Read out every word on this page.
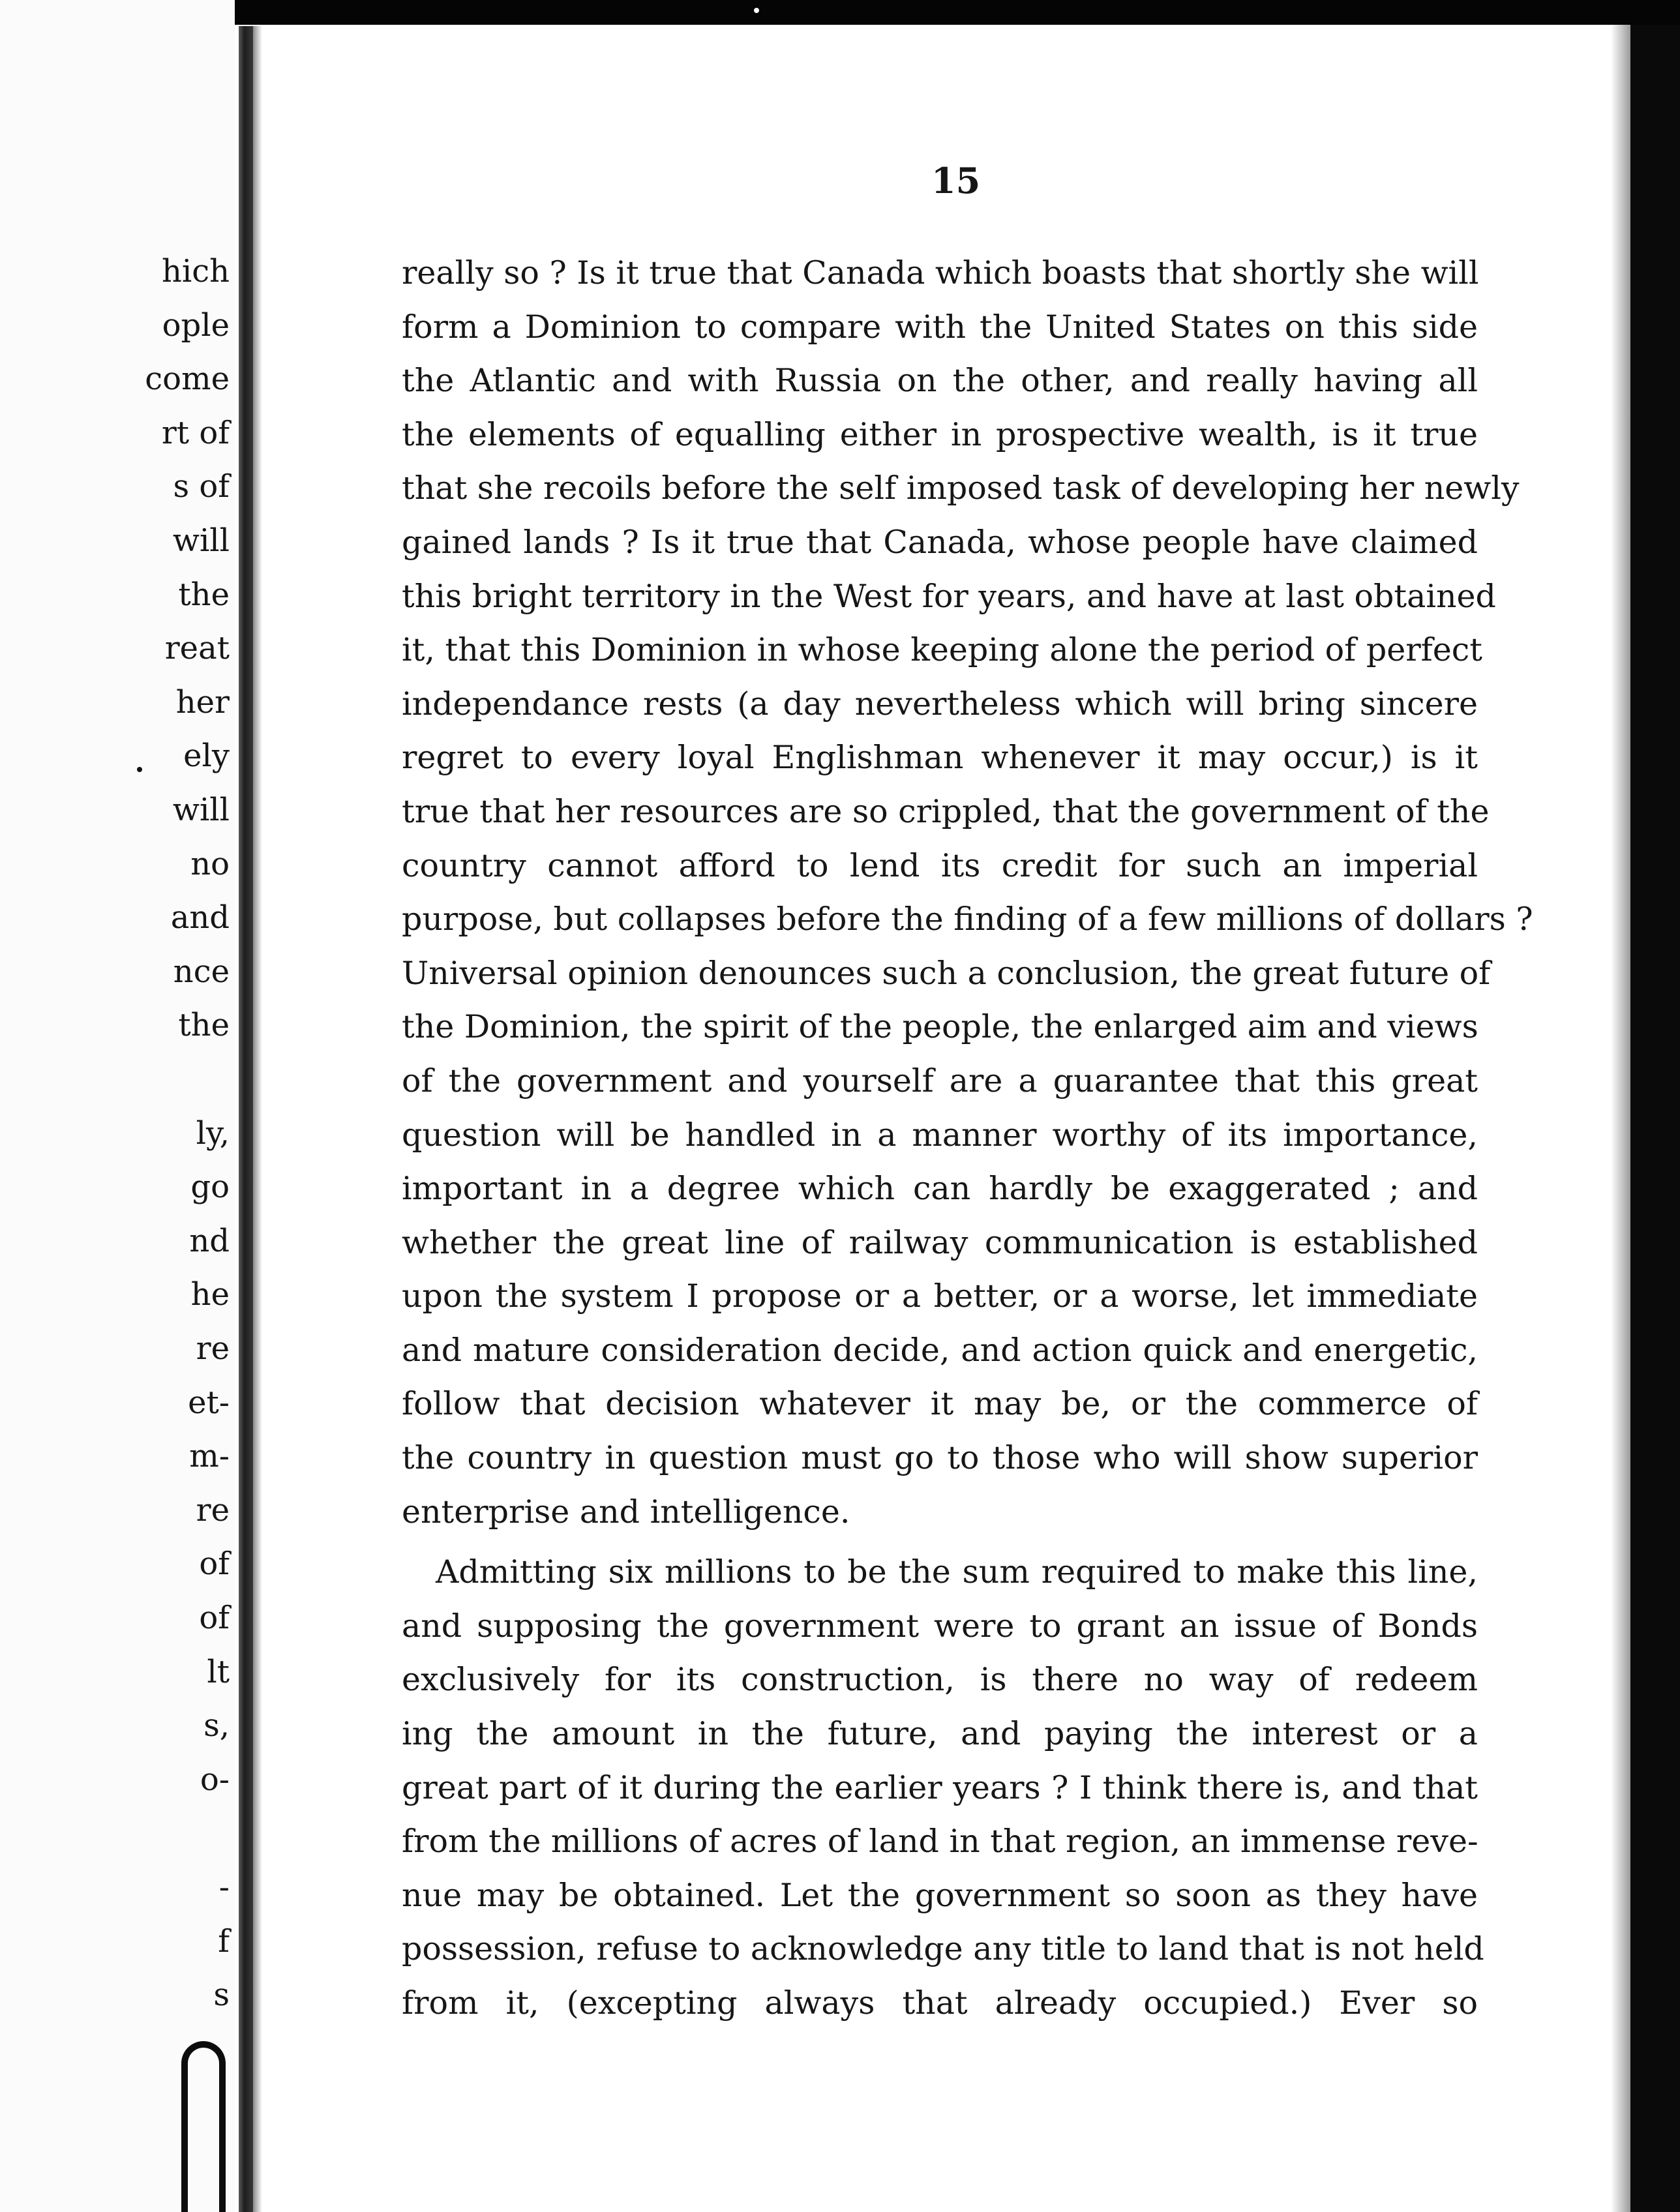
hich
ople
come
rt of
s of
will
the
reat
her
ely
will
no
and
nce
the
ly,
go
nd
he
re
et-
m-
re
of
of
lt
s,
o-
-
f
s
15
really so ? Is it true that Canada which boasts that shortly she will
form a Dominion to compare with the United States on this side
the Atlantic and with Russia on the other, and really having all
the elements of equalling either in prospective wealth, is it true
that she recoils before the self imposed task of developing her newly
gained lands ? Is it true that Canada, whose people have claimed
this bright territory in the West for years, and have at last obtained
it, that this Dominion in whose keeping alone the period of perfect
independance rests (a day nevertheless which will bring sincere
regret to every loyal Englishman whenever it may occur,) is it
true that her resources are so crippled, that the government of the
country cannot afford to lend its credit for such an imperial
purpose, but collapses before the finding of a few millions of dollars ?
Universal opinion denounces such a conclusion, the great future of
the Dominion, the spirit of the people, the enlarged aim and views
of the government and yourself are a guarantee that this great
question will be handled in a manner worthy of its importance,
important in a degree which can hardly be exaggerated ; and
whether the great line of railway communication is established
upon the system I propose or a better, or a worse, let immediate
and mature consideration decide, and action quick and energetic,
follow that decision whatever it may be, or the commerce of
the country in question must go to those who will show superior
enterprise and intelligence.
Admitting six millions to be the sum required to make this line,
and supposing the government were to grant an issue of Bonds
exclusively for its construction, is there no way of redeem
ing the amount in the future, and paying the interest or a
great part of it during the earlier years ? I think there is, and that
from the millions of acres of land in that region, an immense reve-
nue may be obtained. Let the government so soon as they have
possession, refuse to acknowledge any title to land that is not held
from it, (excepting always that already occupied.) Ever so
